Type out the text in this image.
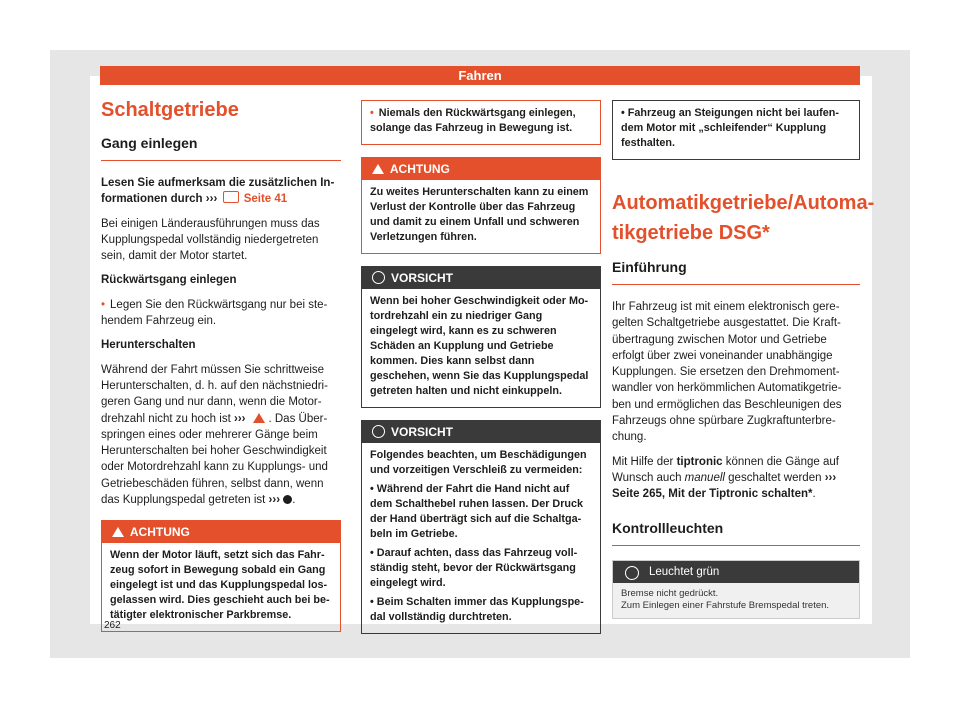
Fahren

Schaltgetriebe

Gang einlegen

Lesen Sie aufmerksam die zusätzlichen In-formationen durch ››› Seite 41

Bei einigen Länderausführungen muss das Kupplungspedal vollständig niedergetreten sein, damit der Motor startet.

Rückwärtsgang einlegen

• Legen Sie den Rückwärtsgang nur bei ste-hendem Fahrzeug ein.

Herunterschalten

Während der Fahrt müssen Sie schrittweise Herunterschalten, d. h. auf den nächstniedri-geren Gang und nur dann, wenn die Motor-drehzahl nicht zu hoch ist ››› . Das Über-springen eines oder mehrerer Gänge beim Herunterschalten bei hoher Geschwindigkeit oder Motordrehzahl kann zu Kupplungs- und Getriebeschäden führen, selbst dann, wenn das Kupplungspedal getreten ist ››› .

ACHTUNG
Wenn der Motor läuft, setzt sich das Fahr-zeug sofort in Bewegung sobald ein Gang eingelegt ist und das Kupplungspedal los-gelassen wird. Dies geschieht auch bei be-tätigter elektronischer Parkbremse.
• Niemals den Rückwärtsgang einlegen, solange das Fahrzeug in Bewegung ist.
ACHTUNG
Zu weites Herunterschalten kann zu einem Verlust der Kontrolle über das Fahrzeug und damit zu einem Unfall und schweren Verletzungen führen.
VORSICHT
Wenn bei hoher Geschwindigkeit oder Mo-tordrehzahl ein zu niedriger Gang eingelegt wird, kann es zu schweren Schäden an Kupplung und Getriebe kommen. Dies kann selbst dann geschehen, wenn Sie das Kupplungspedal getreten halten und nicht einkuppeln.
VORSICHT
Folgendes beachten, um Beschädigungen und vorzeitigen Verschleiß zu vermeiden:
• Während der Fahrt die Hand nicht auf dem Schalthebel ruhen lassen. Der Druck der Hand überträgt sich auf die Schaltga-beln im Getriebe.
• Darauf achten, dass das Fahrzeug voll-ständig steht, bevor der Rückwärtsgang eingelegt wird.
• Beim Schalten immer das Kupplungspe-dal vollständig durchtreten.
• Fahrzeug an Steigungen nicht bei laufen-dem Motor mit „schleifender“ Kupplung festhalten.

Automatikgetriebe/Automa-tikgetriebe DSG*

Einführung

Ihr Fahrzeug ist mit einem elektronisch gere-gelten Schaltgetriebe ausgestattet. Die Kraft-übertragung zwischen Motor und Getriebe erfolgt über zwei voneinander unabhängige Kupplungen. Sie ersetzen den Drehmoment-wandler von herkömmlichen Automatikgetrie-ben und ermöglichen das Beschleunigen des Fahrzeugs ohne spürbare Zugkraftunterbre-chung.

Mit Hilfe der tiptronic können die Gänge auf Wunsch auch manuell geschaltet werden ››› Seite 265, Mit der Tiptronic schalten*.

Kontrollleuchten

Leuchtet grün
Bremse nicht gedrückt.
Zum Einlegen einer Fahrstufe Bremspedal treten.
262
